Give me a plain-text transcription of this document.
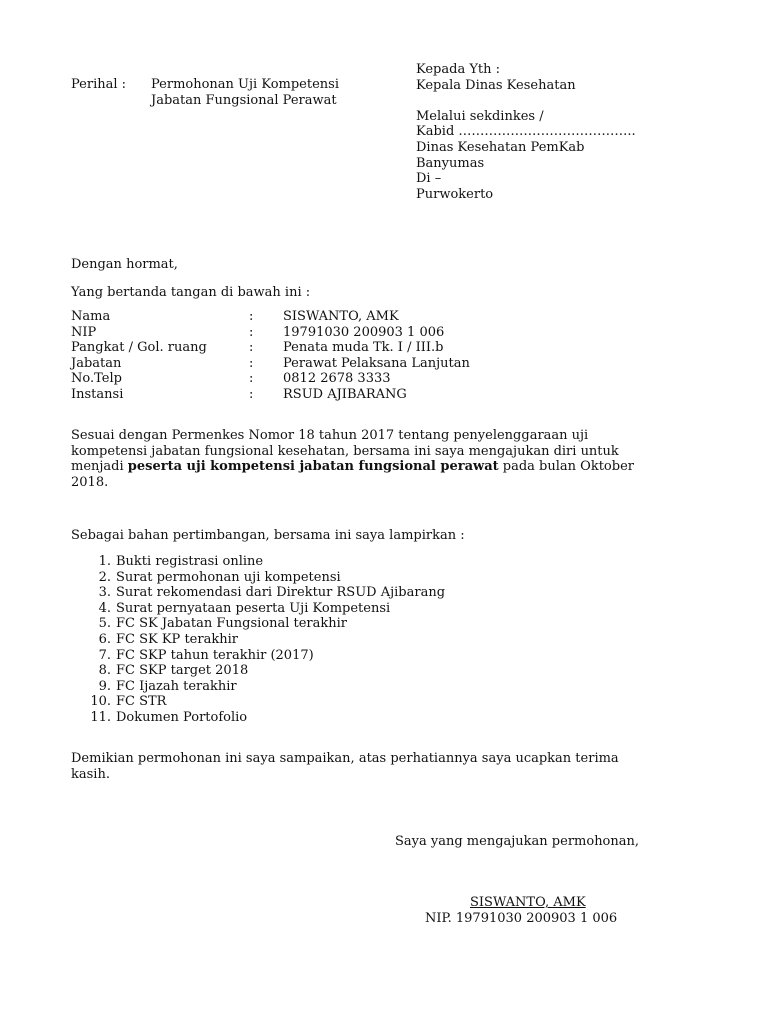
Perihal : Permohonan Uji Kompetensi
Jabatan Fungsional Perawat
Kepada Yth :
Kepala Dinas Kesehatan
Melalui sekdinkes /
Kabid …………………………………..
Dinas Kesehatan PemKab
Banyumas
Di –
Purwokerto
Dengan hormat,
Yang bertanda tangan di bawah ini :
Nama	: SISWANTO, AMK
NIP	: 19791030 200903 1 006
Pangkat / Gol. ruang	: Penata muda Tk. I / III.b
Jabatan	: Perawat Pelaksana Lanjutan
No.Telp	: 0812 2678 3333
Instansi	: RSUD AJIBARANG
Sesuai dengan Permenkes Nomor 18 tahun 2017 tentang penyelenggaraan uji
kompetensi jabatan fungsional kesehatan, bersama ini saya mengajukan diri untuk
menjadi peserta uji kompetensi jabatan fungsional perawat pada bulan Oktober
2018.
Sebagai bahan pertimbangan, bersama ini saya lampirkan :
1. Bukti registrasi online
2. Surat permohonan uji kompetensi
3. Surat rekomendasi dari Direktur RSUD Ajibarang
4. Surat pernyataan peserta Uji Kompetensi
5. FC SK Jabatan Fungsional terakhir
6. FC SK KP terakhir
7. FC SKP tahun terakhir (2017)
8. FC SKP target 2018
9. FC Ijazah terakhir
10. FC STR
11. Dokumen Portofolio
Demikian permohonan ini saya sampaikan, atas perhatiannya saya ucapkan terima
kasih.
Saya yang mengajukan permohonan,
SISWANTO, AMK
NIP. 19791030 200903 1 006
